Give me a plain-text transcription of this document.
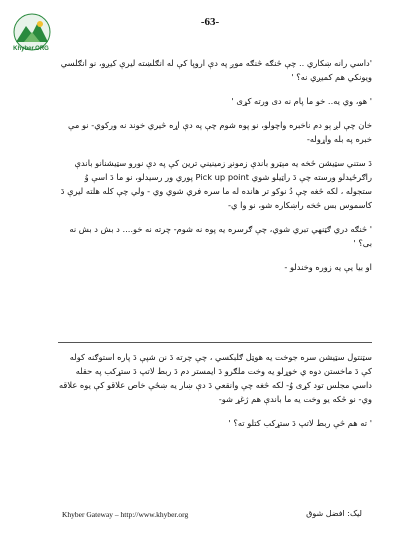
-63-
Khyber.ORG

'داسي رانه ښکاري .. چې څنګه څنګه موږ په دې اروپا کې له انګلښته ليرې کيږو، نو انګلسي ويونکي هم کميږي نه؟ '

' هو، وي يه.. خو ما پام نه دی ورته کړی '

خان چې لږ ېو دم ناخبره واچولو، نو پوه شوم چې په دې اړه څيري خوند نه ورکوي- نو مې خبره په بله واړوله-

دَ ستني سټيشن څخه يه مېټرو باندې زمونږ زمينيني ترين کې په دې نورو سټيشنانو باندې راګرځيدلو ورسته چې دَ راټيلو شوي Pick up point پوري ور رسيدلو، نو ما دَ اسې وُ ستجوله ، لکه څغه چې دُ نوکو تر هانده له ما سره فري شوي وي - ولي چې کله هلته ليرې دَ کاسموس بس څخه راښکاره شو، نو وا ي-

' څنګه دري ګټنهي تبري شوي، چې ګرسره يه پوه نه شوم- چرته نه خو.... د بش د بش نه بی؟ '

او بيا يې يه زوره وخندلو -

سټنتول سټيشن سره جوخت يه هوټل ګلبکسي ، چې چرته دَ نن شپې دَ پاره استوګنه کوله کې دَ ماخستن دوه ي خوړلو يه وخت ملګرو دَ ايمستر دم دَ ربط لاتپ دَ ستړکب په حقله داسي مجلس تود کړی وُ- لکه څغه چې وانقعي دَ دې ښار يه ښځې خاص علاقو کې يوه علاقه وي- نو څکه يو وخت يه ما باندې هم ژغړ شو-

' ته هم څې ربط لاتپ دَ ستړکب کتلو ته؟ '

Khyber Gateway – http://www.khyber.org	ليک: افضل شوق
